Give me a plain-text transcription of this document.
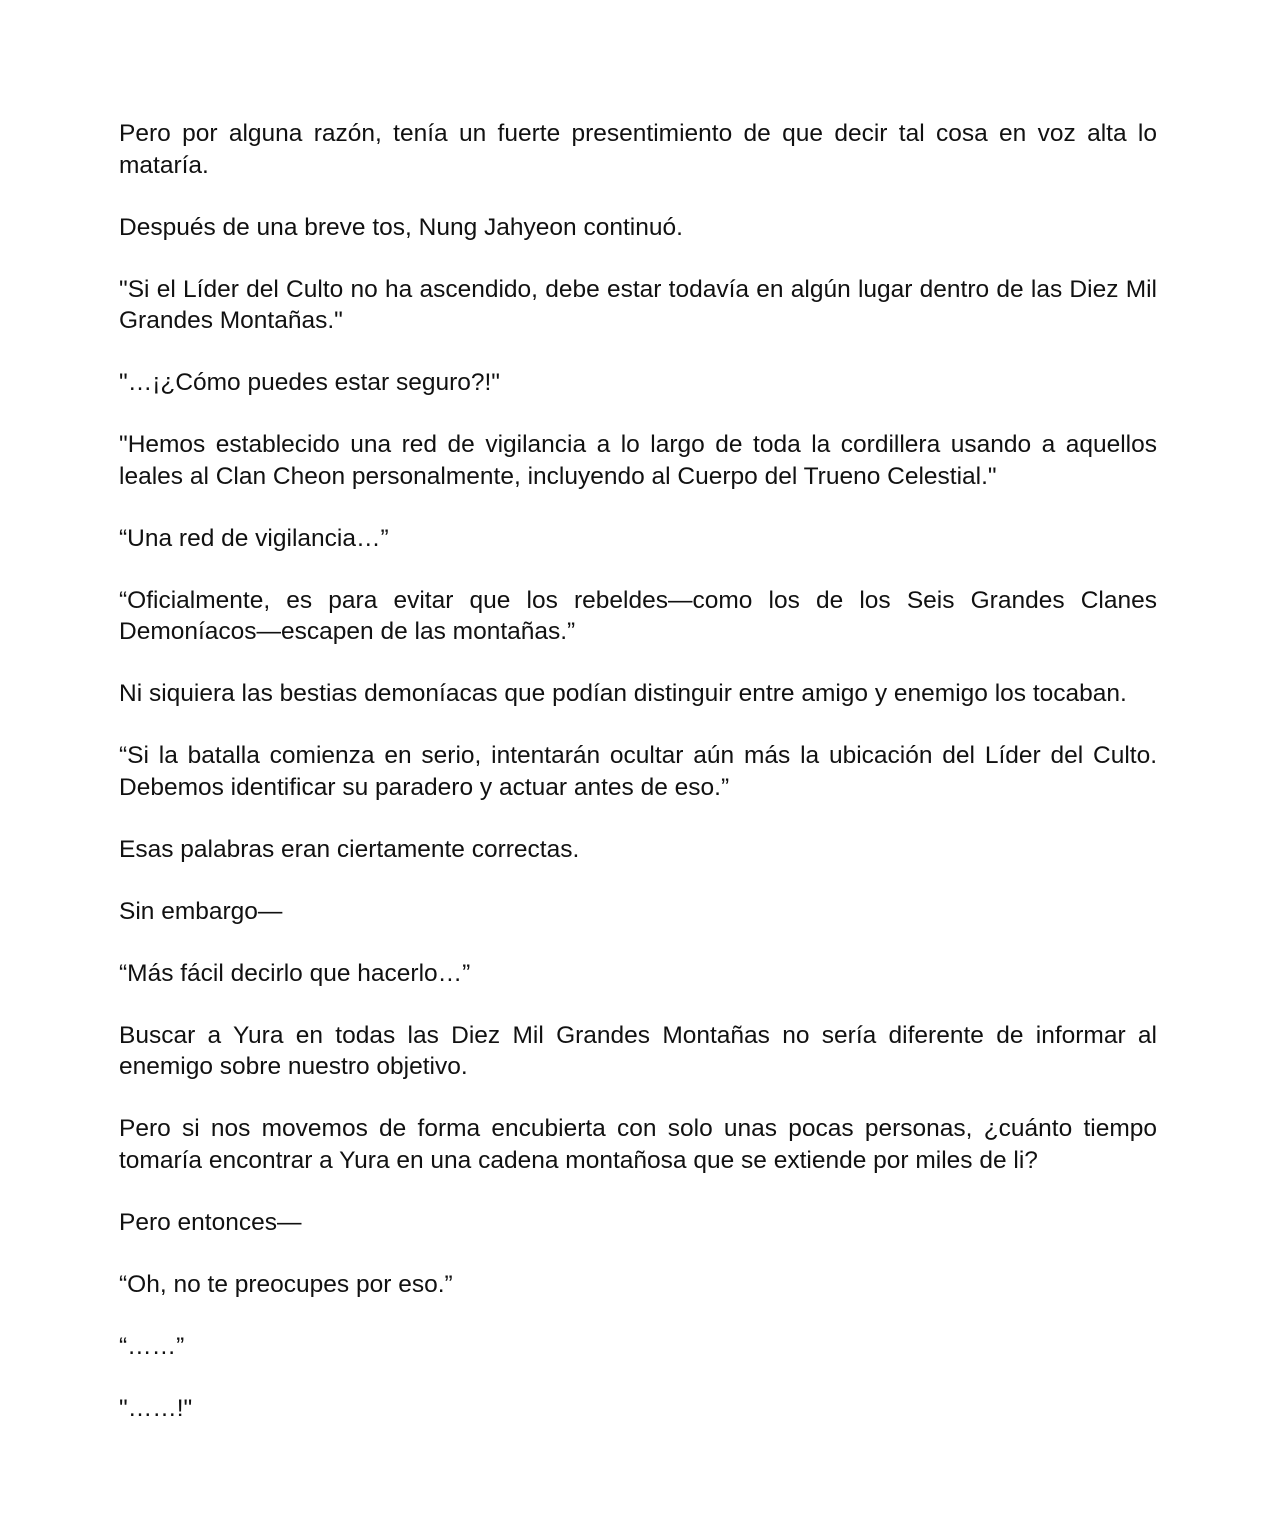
Pero por alguna razón, tenía un fuerte presentimiento de que decir tal cosa en voz alta lo mataría.

Después de una breve tos, Nung Jahyeon continuó.

"Si el Líder del Culto no ha ascendido, debe estar todavía en algún lugar dentro de las Diez Mil Grandes Montañas."

"…¡¿Cómo puedes estar seguro?!"

"Hemos establecido una red de vigilancia a lo largo de toda la cordillera usando a aquellos leales al Clan Cheon personalmente, incluyendo al Cuerpo del Trueno Celestial."

“Una red de vigilancia…”

“Oficialmente, es para evitar que los rebeldes—como los de los Seis Grandes Clanes Demoníacos—escapen de las montañas.”

Ni siquiera las bestias demoníacas que podían distinguir entre amigo y enemigo los tocaban.

“Si la batalla comienza en serio, intentarán ocultar aún más la ubicación del Líder del Culto. Debemos identificar su paradero y actuar antes de eso.”

Esas palabras eran ciertamente correctas.

Sin embargo—

“Más fácil decirlo que hacerlo…”

Buscar a Yura en todas las Diez Mil Grandes Montañas no sería diferente de informar al enemigo sobre nuestro objetivo.

Pero si nos movemos de forma encubierta con solo unas pocas personas, ¿cuánto tiempo tomaría encontrar a Yura en una cadena montañosa que se extiende por miles de li?

Pero entonces—

“Oh, no te preocupes por eso.”

“……”

"……!"
